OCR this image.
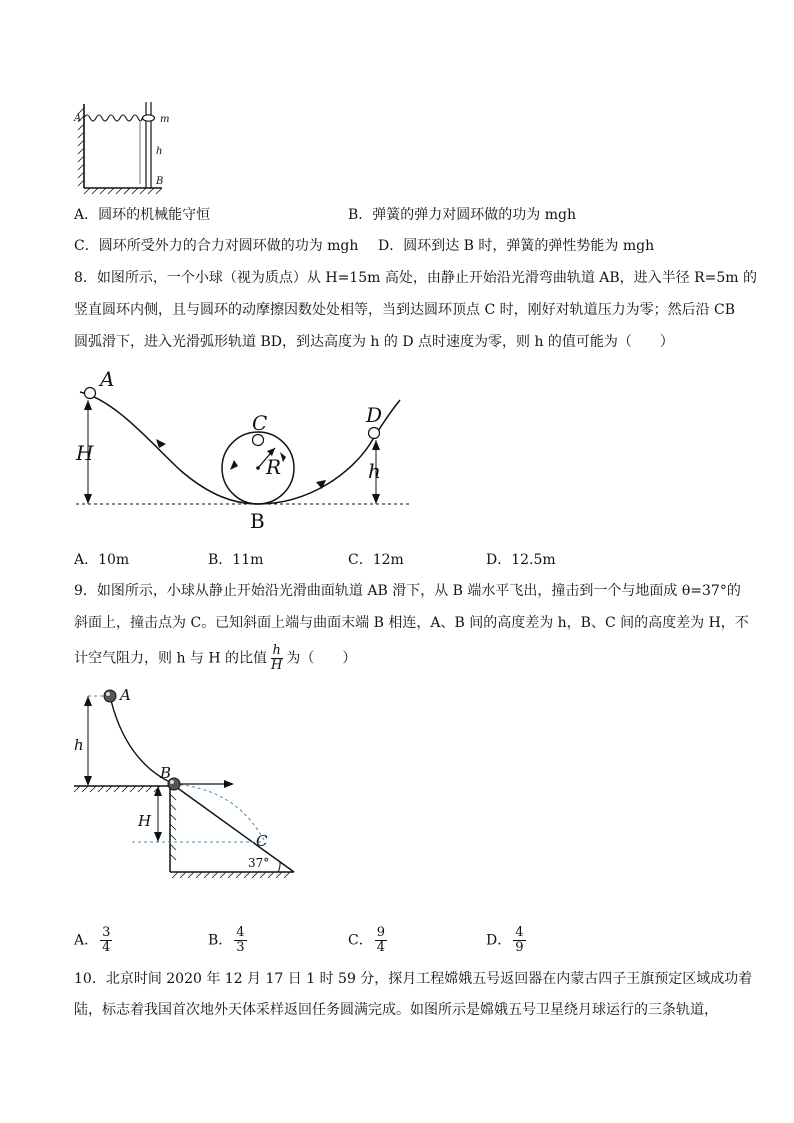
A	m
h
B
A．圆环的机械能守恒	B．弹簧的弹力对圆环做的功为 mgh
C．圆环所受外力的合力对圆环做的功为 mgh D．圆环到达 B 时，弹簧的弹性势能为 mgh
8．如图所示，一个小球（视为质点）从 H=15m 高处，由静止开始沿光滑弯曲轨道 AB，进入半径 R=5m 的
竖直圆环内侧，且与圆环的动摩擦因数处处相等，当到达圆环顶点 C 时，刚好对轨道压力为零；然后沿 CB
圆弧滑下，进入光滑弧形轨道 BD，到达高度为 h 的 D 点时速度为零，则 h 的值可能为（　　）
A
H
C
R
D
h
B
A．10m	B．11m	C．12m	D．12.5m
9．如图所示，小球从静止开始沿光滑曲面轨道 AB 滑下，从 B 端水平飞出，撞击到一个与地面成 θ=37°的
斜面上，撞击点为 C。已知斜面上端与曲面末端 B 相连，A、B 间的高度差为 h，B、C 间的高度差为 H，不
计空气阻力，则 h 与 H 的比值 $\frac{h}{H}$ 为（　　）
A
h
B
H
C
37°
A． $\frac{3}{4}$	B． $\frac{4}{3}$	C． $\frac{9}{4}$	D． $\frac{4}{9}$
10．北京时间 2020 年 12 月 17 日 1 时 59 分，探月工程嫦娥五号返回器在内蒙古四子王旗预定区域成功着
陆，标志着我国首次地外天体采样返回任务圆满完成。如图所示是嫦娥五号卫星绕月球运行的三条轨道，
